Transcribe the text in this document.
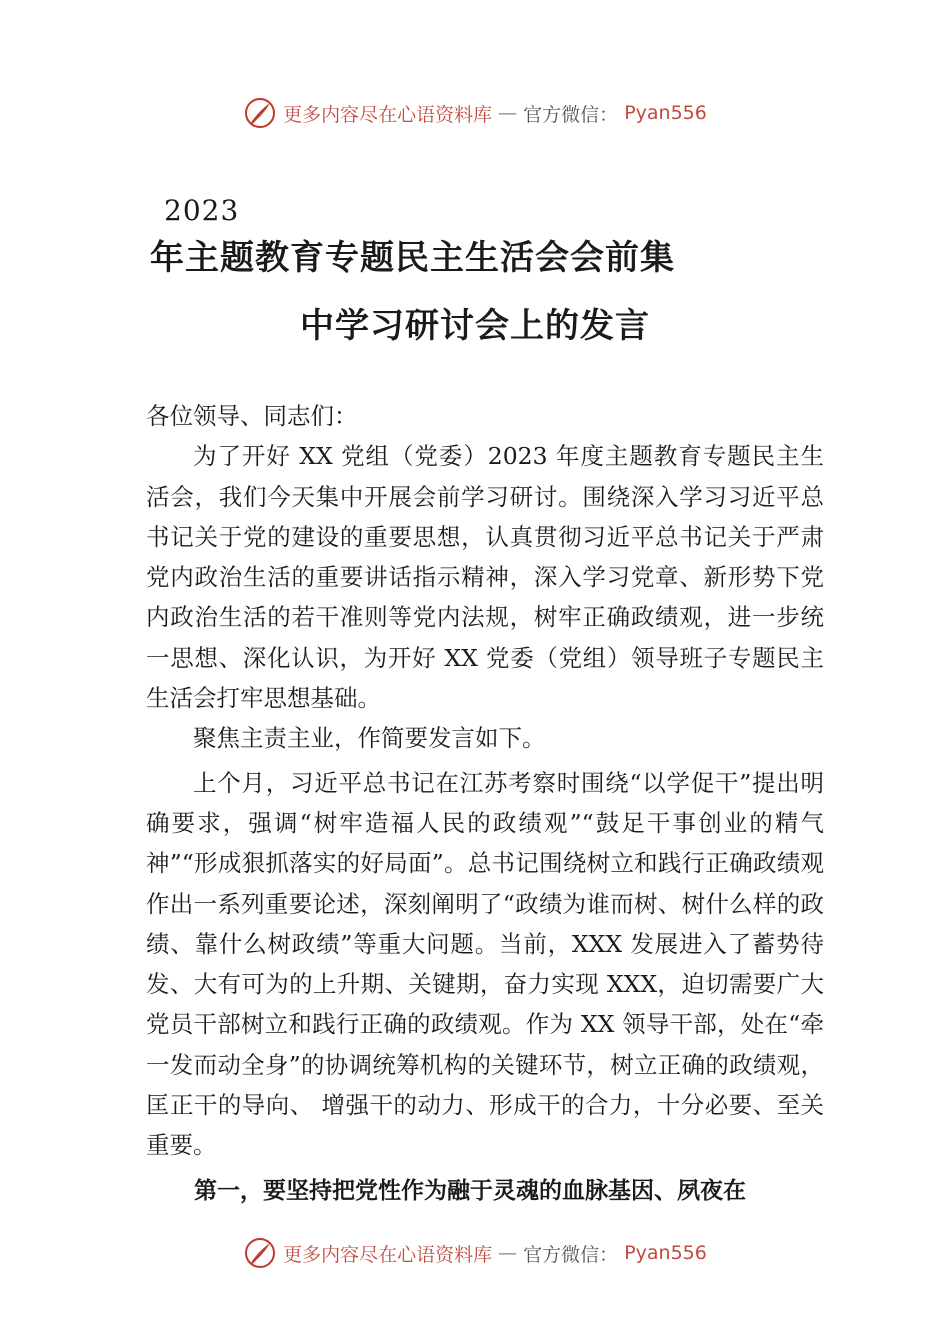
更多内容尽在心语资料库 — 官方微信： Pyan556
2023
年主题教育专题民主生活会会前集
中学习研讨会上的发言

各位领导、同志们：

为了开好 XX 党组（党委）2023 年度主题教育专题民主生活会，我们今天集中开展会前学习研讨。围绕深入学习习近平总书记关于党的建设的重要思想，认真贯彻习近平总书记关于严肃党内政治生活的重要讲话指示精神，深入学习党章、新形势下党内政治生活的若干准则等党内法规，树牢正确政绩观，进一步统一思想、深化认识，为开好 XX 党委（党组）领导班子专题民主生活会打牢思想基础。

聚焦主责主业，作简要发言如下。

上个月，习近平总书记在江苏考察时围绕“以学促干”提出明确要求，强调“树牢造福人民的政绩观”“鼓足干事创业的精气神”“形成狠抓落实的好局面”。总书记围绕树立和践行正确政绩观作出一系列重要论述，深刻阐明了“政绩为谁而树、树什么样的政绩、靠什么树政绩”等重大问题。当前，XXX 发展进入了蓄势待发、大有可为的上升期、关键期，奋力实现 XXX，迫切需要广大党员干部树立和践行正确的政绩观。作为 XX 领导干部，处在“牵一发而动全身”的协调统筹机构的关键环节，树立正确的政绩观，匡正干的导向、 增强干的动力、形成干的合力，十分必要、至关重要。

第一，要坚持把党性作为融于灵魂的血脉基因、夙夜在
更多内容尽在心语资料库 — 官方微信： Pyan556
